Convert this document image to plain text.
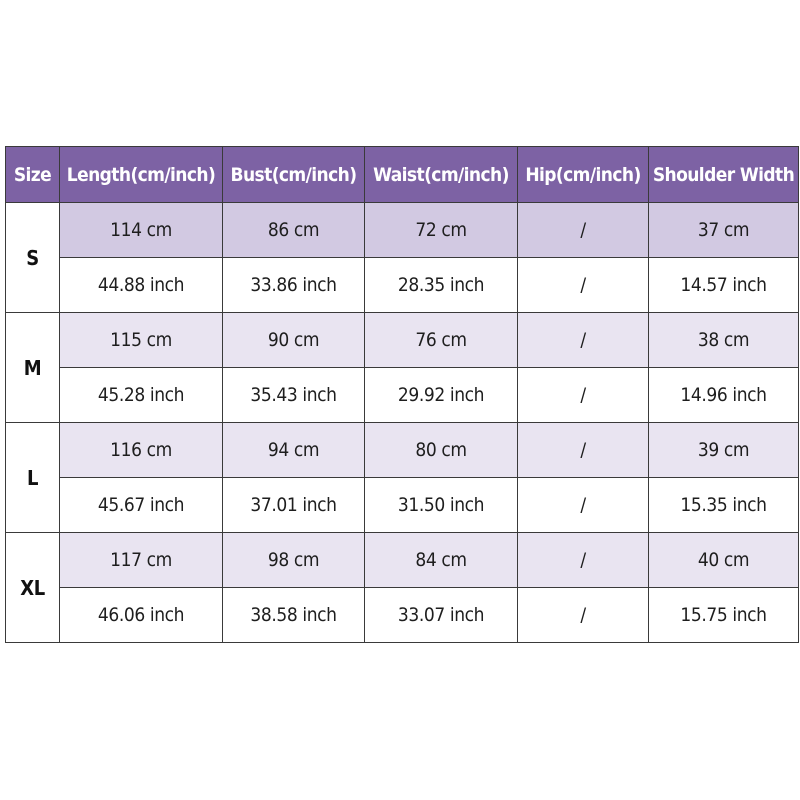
Size	Length(cm/inch)	Bust(cm/inch)	Waist(cm/inch)	Hip(cm/inch)	Shoulder Width
S	114 cm	86 cm	72 cm	/	37 cm
	44.88 inch	33.86 inch	28.35 inch	/	14.57 inch
M	115 cm	90 cm	76 cm	/	38 cm
	45.28 inch	35.43 inch	29.92 inch	/	14.96 inch
L	116 cm	94 cm	80 cm	/	39 cm
	45.67 inch	37.01 inch	31.50 inch	/	15.35 inch
XL	117 cm	98 cm	84 cm	/	40 cm
	46.06 inch	38.58 inch	33.07 inch	/	15.75 inch
